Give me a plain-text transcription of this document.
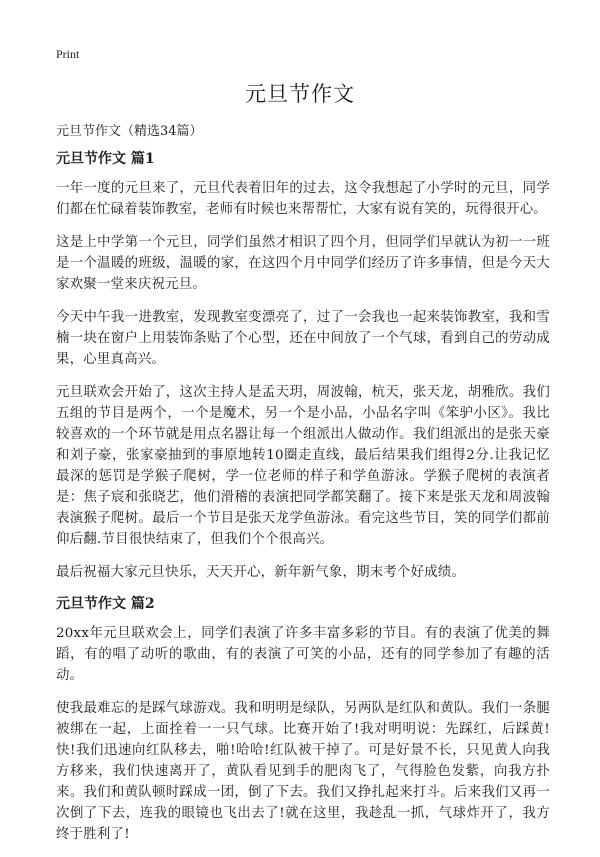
Print
元旦节作文
元旦节作文（精选34篇）
元旦节作文 篇1

一年一度的元旦来了，元旦代表着旧年的过去，这令我想起了小学时的元旦，同学们都在忙碌着装饰教室，老师有时候也来帮帮忙，大家有说有笑的，玩得很开心。

这是上中学第一个元旦，同学们虽然才相识了四个月，但同学们早就认为初一一班是一个温暖的班级，温暖的家，在这四个月中同学们经历了许多事情，但是今天大家欢聚一堂来庆祝元旦。

今天中午我一进教室，发现教室变漂亮了，过了一会我也一起来装饰教室，我和雪楠一块在窗户上用装饰条贴了个心型，还在中间放了一个气球，看到自己的劳动成果，心里真高兴。

元旦联欢会开始了，这次主持人是孟天玥，周波翰，杭天，张天龙，胡雅欣。我们五组的节目是两个，一个是魔术，另一个是小品，小品名字叫《笨驴小区》。我比较喜欢的一个环节就是用点名器让每一个组派出人做动作。我们组派出的是张天豪和刘子豪，张家豪抽到的事原地转10圈走直线，最后结果我们组得2分.让我记忆最深的惩罚是学猴子爬树，学一位老师的样子和学鱼游泳。学猴子爬树的表演者是：焦子宸和张晓艺，他们滑稽的表演把同学都笑翻了。接下来是张天龙和周波翰表演猴子爬树。最后一个节目是张天龙学鱼游泳。看完这些节目，笑的同学们都前仰后翻.节目很快结束了，但我们个个很高兴。

最后祝福大家元旦快乐，天天开心，新年新气象，期末考个好成绩。

元旦节作文 篇2

20xx年元旦联欢会上，同学们表演了许多丰富多彩的节目。有的表演了优美的舞蹈，有的唱了动听的歌曲，有的表演了可笑的小品，还有的同学参加了有趣的活动。

使我最难忘的是踩气球游戏。我和明明是绿队，另两队是红队和黄队。我们一条腿被绑在一起，上面拴着一一只气球。比赛开始了!我对明明说：先踩红，后踩黄!快!我们迅速向红队移去，啪!哈哈!红队被干掉了。可是好景不长，只见黄人向我方移来，我们快速离开了，黄队看见到手的肥肉飞了，气得脸色发紫，向我方扑来。我们和黄队顿时踩成一团，倒了下去。我们又挣扎起来打斗。后来我们又再一次倒了下去，连我的眼镜也飞出去了!就在这里，我趁乱一抓，气球炸开了，我方终于胜利了!
